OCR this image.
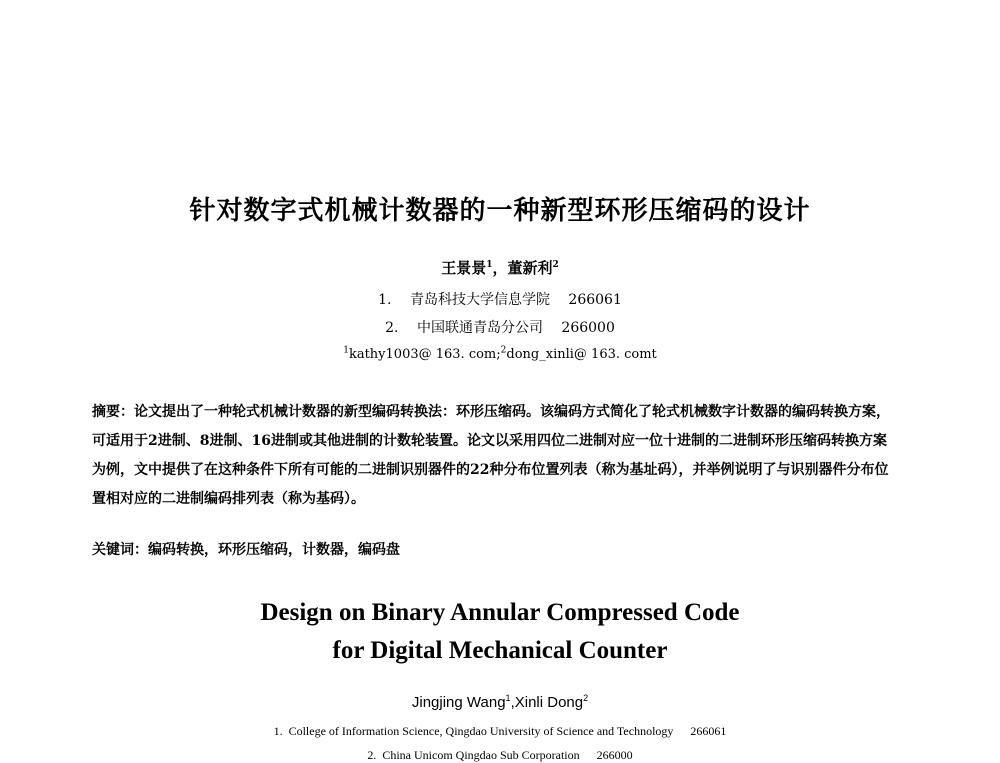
针对数字式机械计数器的一种新型环形压缩码的设计
王景景$^1$，董新利$^2$
1. 青岛科技大学信息学院 266061
2. 中国联通青岛分公司 266000
$^1$kathy1003@ 163. com;$^2$dong_xinli@ 163. comt
摘要：论文提出了一种轮式机械计数器的新型编码转换法：环形压缩码。该编码方式简化了轮式机械数字计数器的编码转换方案，可适用于2进制、8进制、16进制或其他进制的计数轮装置。论文以采用四位二进制对应一位十进制的二进制环形压缩码转换方案为例，文中提供了在这种条件下所有可能的二进制识别器件的22种分布位置列表（称为基址码），并举例说明了与识别器件分布位置相对应的二进制编码排列表（称为基码）。
关键词：编码转换，环形压缩码，计数器，编码盘
Design on Binary Annular Compressed Code
for Digital Mechanical Counter
Jingjing Wang$^1$,Xinli Dong$^2$
1. College of Information Science, Qingdao University of Science and Technology 266061
2. China Unicom Qingdao Sub Corporation 266000
